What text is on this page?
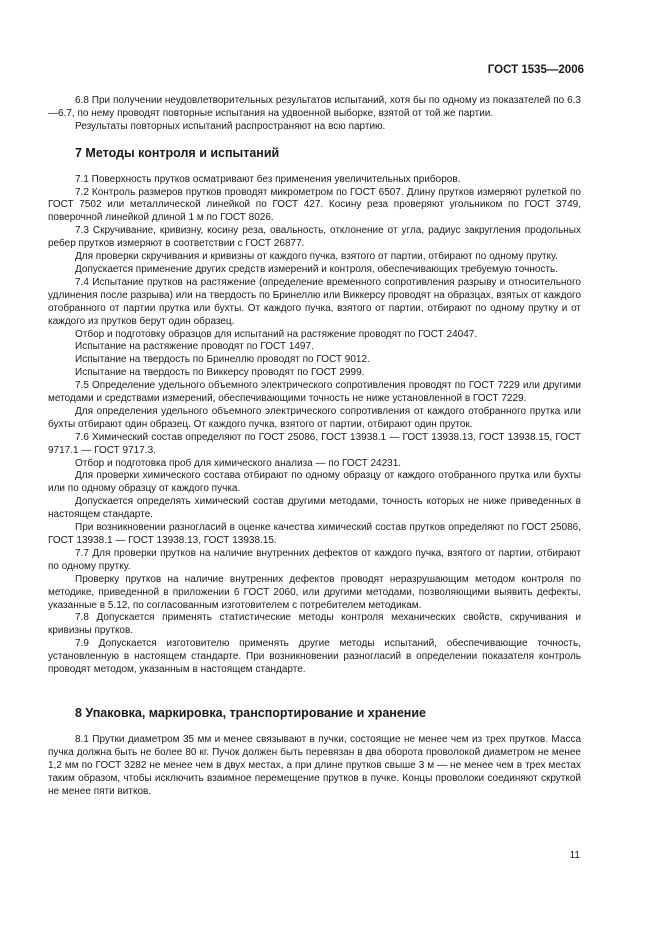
ГОСТ 1535—2006

6.8 При получении неудовлетворительных результатов испытаний, хотя бы по одному из показателей по 6.3—6.7, по нему проводят повторные испытания на удвоенной выборке, взятой от той же партии.

Результаты повторных испытаний распространяют на всю партию.

7 Методы контроля и испытаний

7.1 Поверхность прутков осматривают без применения увеличительных приборов.

7.2 Контроль размеров прутков проводят микрометром по ГОСТ 6507. Длину прутков измеряют рулеткой по ГОСТ 7502 или металлической линейкой по ГОСТ 427. Косину реза проверяют угольником по ГОСТ 3749, поверочной линейкой длиной 1 м по ГОСТ 8026.

7.3 Скручивание, кривизну, косину реза, овальность, отклонение от угла, радиус закругления продольных ребер прутков измеряют в соответствии с ГОСТ 26877.

Для проверки скручивания и кривизны от каждого пучка, взятого от партии, отбирают по одному прутку.

Допускается применение других средств измерений и контроля, обеспечивающих требуемую точность.

7.4 Испытание прутков на растяжение (определение временного сопротивления разрыву и относительного удлинения после разрыва) или на твердость по Бринеллю или Виккерсу проводят на образцах, взятых от каждого отобранного от партии прутка или бухты. От каждого пучка, взятого от партии, отбирают по одному прутку и от каждого из прутков берут один образец.

Отбор и подготовку образцов для испытаний на растяжение проводят по ГОСТ 24047.

Испытание на растяжение проводят по ГОСТ 1497.

Испытание на твердость по Бринеллю проводят по ГОСТ 9012.

Испытание на твердость по Виккерсу проводят по ГОСТ 2999.

7.5 Определение удельного объемного электрического сопротивления проводят по ГОСТ 7229 или другими методами и средствами измерений, обеспечивающими точность не ниже установленной в ГОСТ 7229.

Для определения удельного объемного электрического сопротивления от каждого отобранного прутка или бухты отбирают один образец. От каждого пучка, взятого от партии, отбирают один пруток.

7.6 Химический состав определяют по ГОСТ 25086, ГОСТ 13938.1 — ГОСТ 13938.13, ГОСТ 13938.15, ГОСТ 9717.1 — ГОСТ 9717.3.

Отбор и подготовка проб для химического анализа — по ГОСТ 24231.

Для проверки химического состава отбирают по одному образцу от каждого отобранного прутка или бухты или по одному образцу от каждого пучка.

Допускается определять химический состав другими методами, точность которых не ниже приведенных в настоящем стандарте.

При возникновении разногласий в оценке качества химический состав прутков определяют по ГОСТ 25086, ГОСТ 13938.1 — ГОСТ 13938.13, ГОСТ 13938.15.

7.7 Для проверки прутков на наличие внутренних дефектов от каждого пучка, взятого от партии, отбирают по одному прутку.

Проверку прутков на наличие внутренних дефектов проводят неразрушающим методом контроля по методике, приведенной в приложении 6 ГОСТ 2060, или другими методами, позволяющими выявить дефекты, указанные в 5.12, по согласованным изготовителем с потребителем методикам.

7.8 Допускается применять статистические методы контроля механических свойств, скручивания и кривизны прутков.

7.9 Допускается изготовителю применять другие методы испытаний, обеспечивающие точность, установленную в настоящем стандарте. При возникновении разногласий в определении показателя контроль проводят методом, указанным в настоящем стандарте.

8 Упаковка, маркировка, транспортирование и хранение

8.1 Прутки диаметром 35 мм и менее связывают в пучки, состоящие не менее чем из трех прутков. Масса пучка должна быть не более 80 кг. Пучок должен быть перевязан в два оборота проволокой диаметром не менее 1,2 мм по ГОСТ 3282 не менее чем в двух местах, а при длине прутков свыше 3 м — не менее чем в трех местах таким образом, чтобы исключить взаимное перемещение прутков в пучке. Концы проволоки соединяют скруткой не менее пяти витков.

11
